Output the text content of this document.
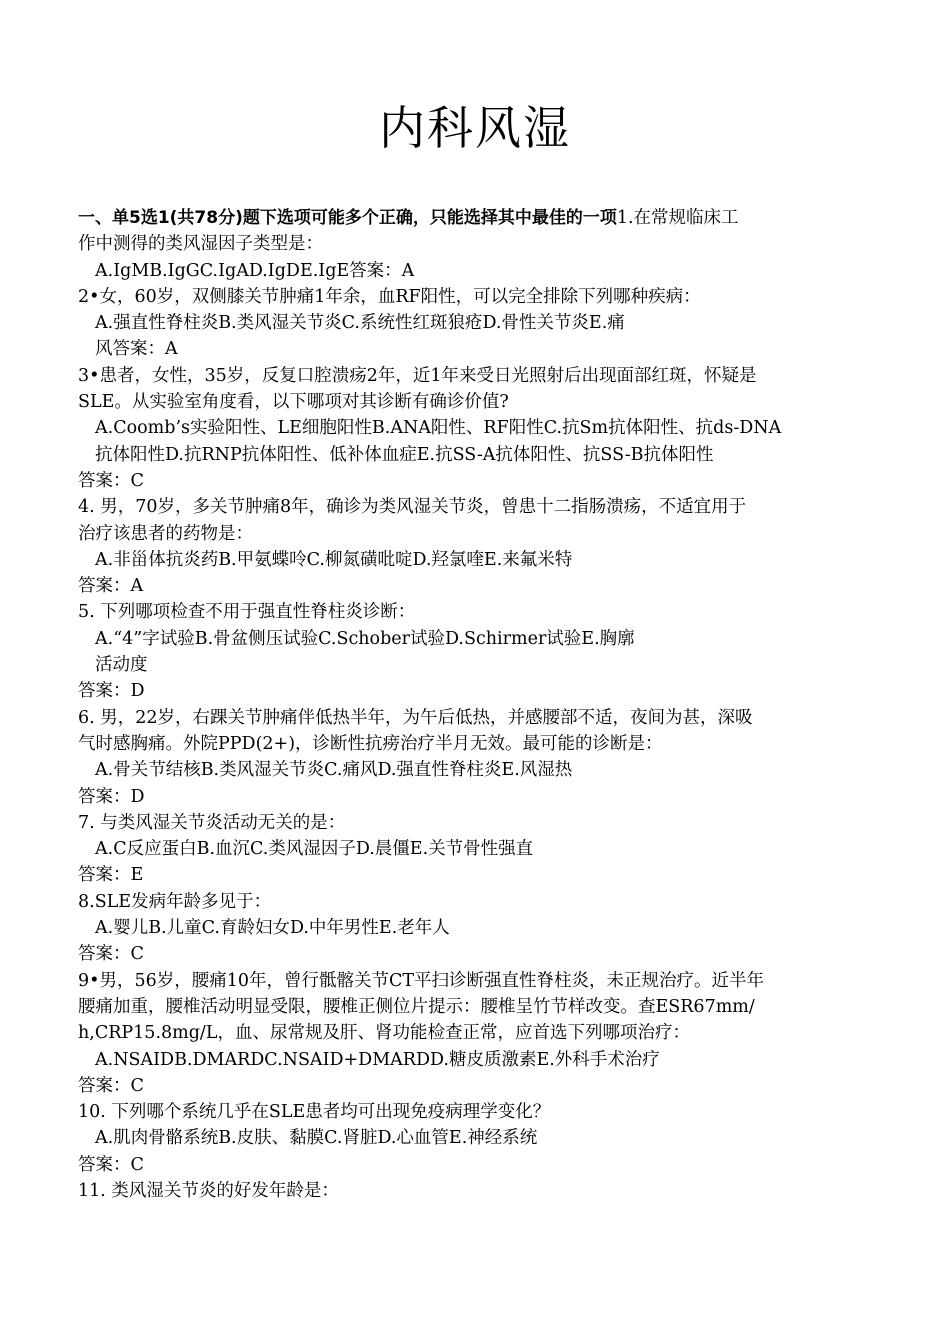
内科风湿
一、单5选1(共78分)题下选项可能多个正确，只能选择其中最佳的一项1.在常规临床工
作中测得的类风湿因子类型是：
A.IgMB.IgGC.IgAD.IgDE.IgE答案：A
2•女，60岁，双侧膝关节肿痛1年余，血RF阳性，可以完全排除下列哪种疾病：
A.强直性脊柱炎B.类风湿关节炎C.系统性红斑狼疮D.骨性关节炎E.痛
风答案：A
3•患者，女性，35岁，反复口腔溃疡2年，近1年来受日光照射后出现面部红斑，怀疑是
SLE。从实验室角度看，以下哪项对其诊断有确诊价值?
A.Coomb’s实验阳性、LE细胞阳性B.ANA阳性、RF阳性C.抗Sm抗体阳性、抗ds-DNA
抗体阳性D.抗RNP抗体阳性、低补体血症E.抗SS-A抗体阳性、抗SS-B抗体阳性
答案：C
4. 男，70岁，多关节肿痛8年，确诊为类风湿关节炎，曾患十二指肠溃疡，不适宜用于
治疗该患者的药物是：
A.非甾体抗炎药B.甲氨蝶呤C.柳氮磺吡啶D.羟氯喹E.来氟米特
答案：A
5. 下列哪项检查不用于强直性脊柱炎诊断：
A.“4”字试验B.骨盆侧压试验C.Schober试验D.Schirmer试验E.胸廓
活动度
答案：D
6. 男，22岁，右踝关节肿痛伴低热半年，为午后低热，并感腰部不适，夜间为甚，深吸
气时感胸痛。外院PPD(2+)，诊断性抗痨治疗半月无效。最可能的诊断是：
A.骨关节结核B.类风湿关节炎C.痛风D.强直性脊柱炎E.风湿热
答案：D
7. 与类风湿关节炎活动无关的是：
A.C反应蛋白B.血沉C.类风湿因子D.晨僵E.关节骨性强直
答案：E
8.SLE发病年龄多见于：
A.婴儿B.儿童C.育龄妇女D.中年男性E.老年人
答案：C
9•男，56岁，腰痛10年，曾行骶髂关节CT平扫诊断强直性脊柱炎，未正规治疗。近半年
腰痛加重，腰椎活动明显受限，腰椎正侧位片提示：腰椎呈竹节样改变。查ESR67mm/
h,CRP15.8mg/L，血、尿常规及肝、肾功能检查正常，应首选下列哪项治疗：
A.NSAIDB.DMARDC.NSAID+DMARDD.糖皮质激素E.外科手术治疗
答案：C
10. 下列哪个系统几乎在SLE患者均可出现免疫病理学变化？
A.肌肉骨骼系统B.皮肤、黏膜C.肾脏D.心血管E.神经系统
答案：C
11. 类风湿关节炎的好发年龄是：
